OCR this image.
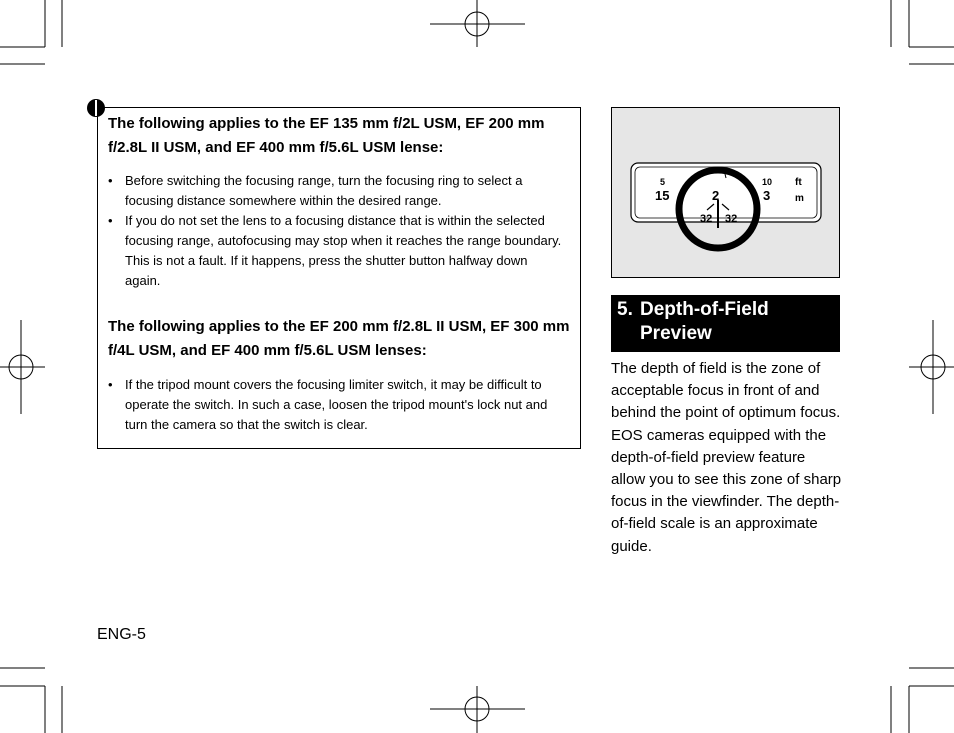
The following applies to the EF 135 mm f/2L USM, EF 200 mm f/2.8L II USM, and EF 400 mm f/5.6L USM lense:
• Before switching the focusing range, turn the focusing ring to select a focusing distance somewhere within the desired range.
• If you do not set the lens to a focusing distance that is within the selected focusing range, autofocusing may stop when it reaches the range boundary. This is not a fault. If it happens, press the shutter button halfway down again.
The following applies to the EF 200 mm f/2.8L II USM, EF 300 mm f/4L USM, and EF 400 mm f/5.6L USM lenses:
• If the tripod mount covers the focusing limiter switch, it may be difficult to operate the switch. In such a case, loosen the tripod mount's lock nut and turn the camera so that the switch is clear.
5	10
15	2	3
32 32
ft
m
5. Depth-of-Field Preview

The depth of field is the zone of acceptable focus in front of and behind the point of optimum focus.

EOS cameras equipped with the depth-of-field preview feature allow you to see this zone of sharp focus in the viewfinder. The depth-of-field scale is an approximate guide.

ENG-5
